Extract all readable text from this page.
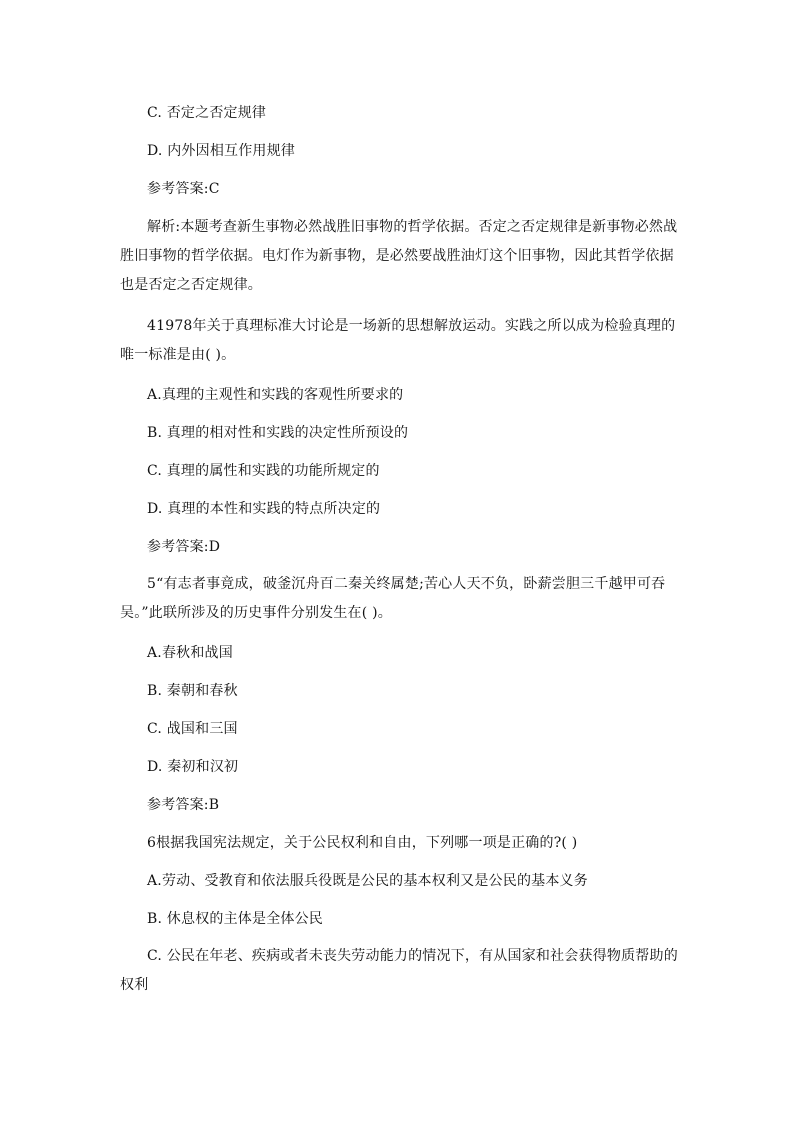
C. 否定之否定规律
D. 内外因相互作用规律
参考答案:C
解析:本题考查新生事物必然战胜旧事物的哲学依据。否定之否定规律是新事物必然战
胜旧事物的哲学依据。电灯作为新事物，是必然要战胜油灯这个旧事物，因此其哲学依据
也是否定之否定规律。
41978年关于真理标准大讨论是一场新的思想解放运动。实践之所以成为检验真理的
唯一标准是由( )。
A.真理的主观性和实践的客观性所要求的
B. 真理的相对性和实践的决定性所预设的
C. 真理的属性和实践的功能所规定的
D. 真理的本性和实践的特点所决定的
参考答案:D
5“有志者事竟成，破釜沉舟百二秦关终属楚;苦心人天不负，卧薪尝胆三千越甲可吞
吴。”此联所涉及的历史事件分别发生在( )。
A.春秋和战国
B. 秦朝和春秋
C. 战国和三国
D. 秦初和汉初
参考答案:B
6根据我国宪法规定，关于公民权利和自由，下列哪一项是正确的?( )
A.劳动、受教育和依法服兵役既是公民的基本权利又是公民的基本义务
B. 休息权的主体是全体公民
C. 公民在年老、疾病或者未丧失劳动能力的情况下，有从国家和社会获得物质帮助的
权利
